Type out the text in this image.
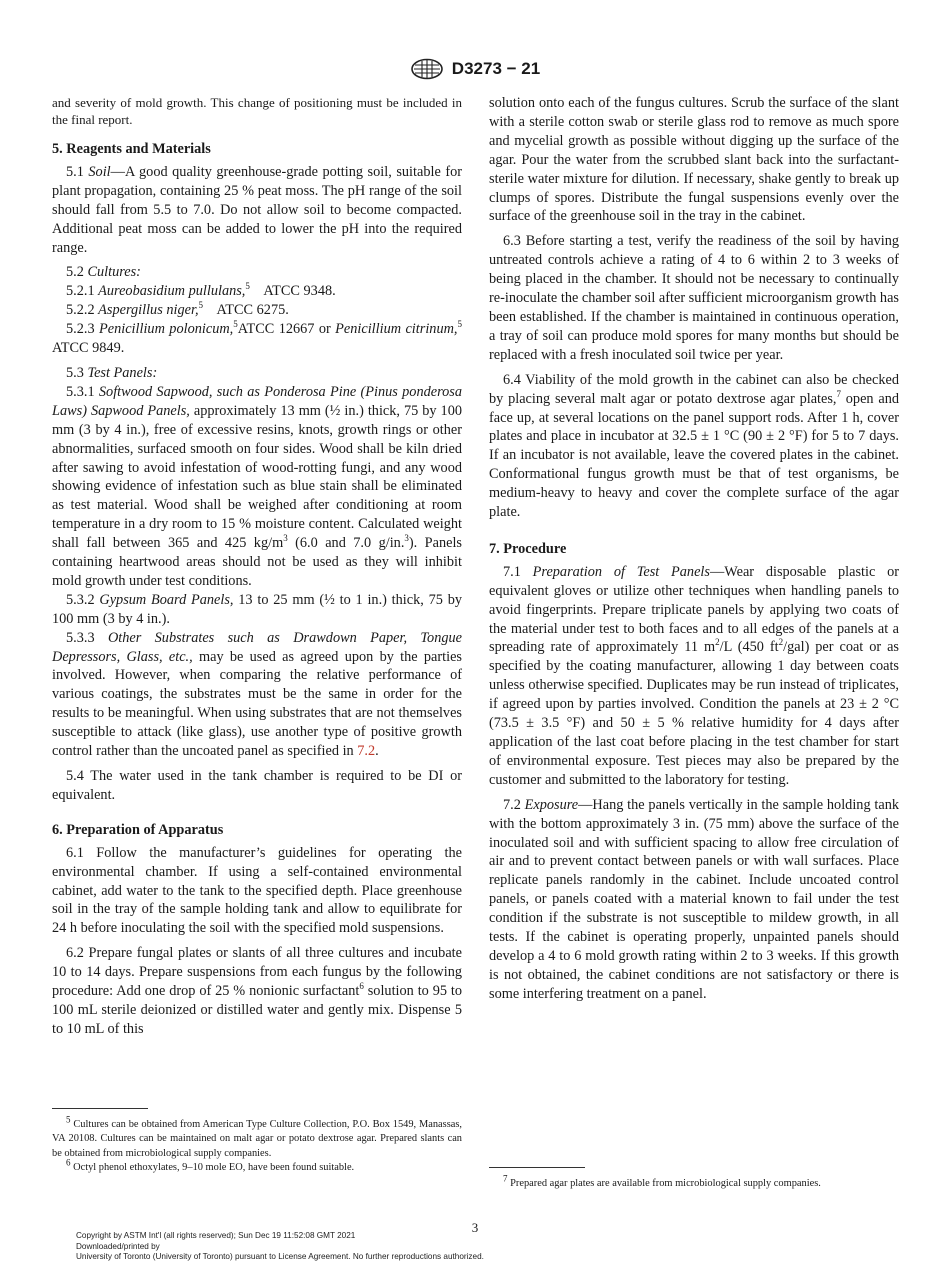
D3273 − 21

and severity of mold growth. This change of positioning must be included in the final report.

5. Reagents and Materials

5.1 Soil—A good quality greenhouse-grade potting soil, suitable for plant propagation, containing 25 % peat moss. The pH range of the soil should fall from 5.5 to 7.0. Do not allow soil to become compacted. Additional peat moss can be added to lower the pH into the required range.

5.2 Cultures:

5.2.1 Aureobasidium pullulans,$^5$    ATCC 9348.

5.2.2 Aspergillus niger,$^5$    ATCC 6275.

5.2.3 Penicillium polonicum,$^5$ATCC 12667 or Penicillium citrinum,$^5$ ATCC 9849.

5.3 Test Panels:

5.3.1 Softwood Sapwood, such as Ponderosa Pine (Pinus ponderosa Laws) Sapwood Panels, approximately 13 mm (½ in.) thick, 75 by 100 mm (3 by 4 in.), free of excessive resins, knots, growth rings or other abnormalities, surfaced smooth on four sides. Wood shall be kiln dried after sawing to avoid infestation of wood-rotting fungi, and any wood showing evidence of infestation such as blue stain shall be eliminated as test material. Wood shall be weighed after conditioning at room temperature in a dry room to 15 % moisture content. Calculated weight shall fall between 365 and 425 $kg/m^3$ (6.0 and 7.0 g/in.$^3$). Panels containing heartwood areas should not be used as they will inhibit mold growth under test conditions.

5.3.2 Gypsum Board Panels, 13 to 25 mm (½ to 1 in.) thick, 75 by 100 mm (3 by 4 in.).

5.3.3 Other Substrates such as Drawdown Paper, Tongue Depressors, Glass, etc., may be used as agreed upon by the parties involved. However, when comparing the relative performance of various coatings, the substrates must be the same in order for the results to be meaningful. When using substrates that are not themselves susceptible to attack (like glass), use another type of positive growth control rather than the uncoated panel as specified in 7.2.

5.4 The water used in the tank chamber is required to be DI or equivalent.

6. Preparation of Apparatus

6.1 Follow the manufacturer’s guidelines for operating the environmental chamber. If using a self-contained environmental cabinet, add water to the tank to the specified depth. Place greenhouse soil in the tray of the sample holding tank and allow to equilibrate for 24 h before inoculating the soil with the specified mold suspensions.

6.2 Prepare fungal plates or slants of all three cultures and incubate 10 to 14 days. Prepare suspensions from each fungus by the following procedure: Add one drop of 25 % nonionic surfactant$^6$ solution to 95 to 100 mL sterile deionized or distilled water and gently mix. Dispense 5 to 10 mL of this

$^5$ Cultures can be obtained from American Type Culture Collection, P.O. Box 1549, Manassas, VA 20108. Cultures can be maintained on malt agar or potato dextrose agar. Prepared slants can be obtained from microbiological supply companies.

$^6$ Octyl phenol ethoxylates, 9–10 mole EO, have been found suitable.

solution onto each of the fungus cultures. Scrub the surface of the slant with a sterile cotton swab or sterile glass rod to remove as much spore and mycelial growth as possible without digging up the surface of the agar. Pour the water from the scrubbed slant back into the surfactant-sterile water mixture for dilution. If necessary, shake gently to break up clumps of spores. Distribute the fungal suspensions evenly over the surface of the greenhouse soil in the tray in the cabinet.

6.3 Before starting a test, verify the readiness of the soil by having untreated controls achieve a rating of 4 to 6 within 2 to 3 weeks of being placed in the chamber. It should not be necessary to continually re-inoculate the chamber soil after sufficient microorganism growth has been established. If the chamber is maintained in continuous operation, a tray of soil can produce mold spores for many months but should be replaced with a fresh inoculated soil twice per year.

6.4 Viability of the mold growth in the cabinet can also be checked by placing several malt agar or potato dextrose agar plates,$^7$ open and face up, at several locations on the panel support rods. After 1 h, cover plates and place in incubator at 32.5 ± 1 °C (90 ± 2 °F) for 5 to 7 days. If an incubator is not available, leave the covered plates in the cabinet. Conformational fungus growth must be that of test organisms, be medium-heavy to heavy and cover the complete surface of the agar plate.

7. Procedure

7.1 Preparation of Test Panels—Wear disposable plastic or equivalent gloves or utilize other techniques when handling panels to avoid fingerprints. Prepare triplicate panels by applying two coats of the material under test to both faces and to all edges of the panels at a spreading rate of approximately 11 $m^2/L$ (450 $ft^2/gal$) per coat or as specified by the coating manufacturer, allowing 1 day between coats unless otherwise specified. Duplicates may be run instead of triplicates, if agreed upon by parties involved. Condition the panels at 23 ± 2 °C (73.5 ± 3.5 °F) and 50 ± 5 % relative humidity for 4 days after application of the last coat before placing in the test chamber for start of environmental exposure. Test pieces may also be prepared by the customer and submitted to the laboratory for testing.

7.2 Exposure—Hang the panels vertically in the sample holding tank with the bottom approximately 3 in. (75 mm) above the surface of the inoculated soil and with sufficient spacing to allow free circulation of air and to prevent contact between panels or with wall surfaces. Place replicate panels randomly in the cabinet. Include uncoated control panels, or panels coated with a material known to fail under the test condition if the substrate is not susceptible to mildew growth, in all tests. If the cabinet is operating properly, unpainted panels should develop a 4 to 6 mold growth rating within 2 to 3 weeks. If this growth is not obtained, the cabinet conditions are not satisfactory or there is some interfering treatment on a panel.

$^7$ Prepared agar plates are available from microbiological supply companies.

3
Copyright by ASTM Int'l (all rights reserved); Sun Dec 19 11:52:08 GMT 2021
Downloaded/printed by
University of Toronto (University of Toronto) pursuant to License Agreement. No further reproductions authorized.
